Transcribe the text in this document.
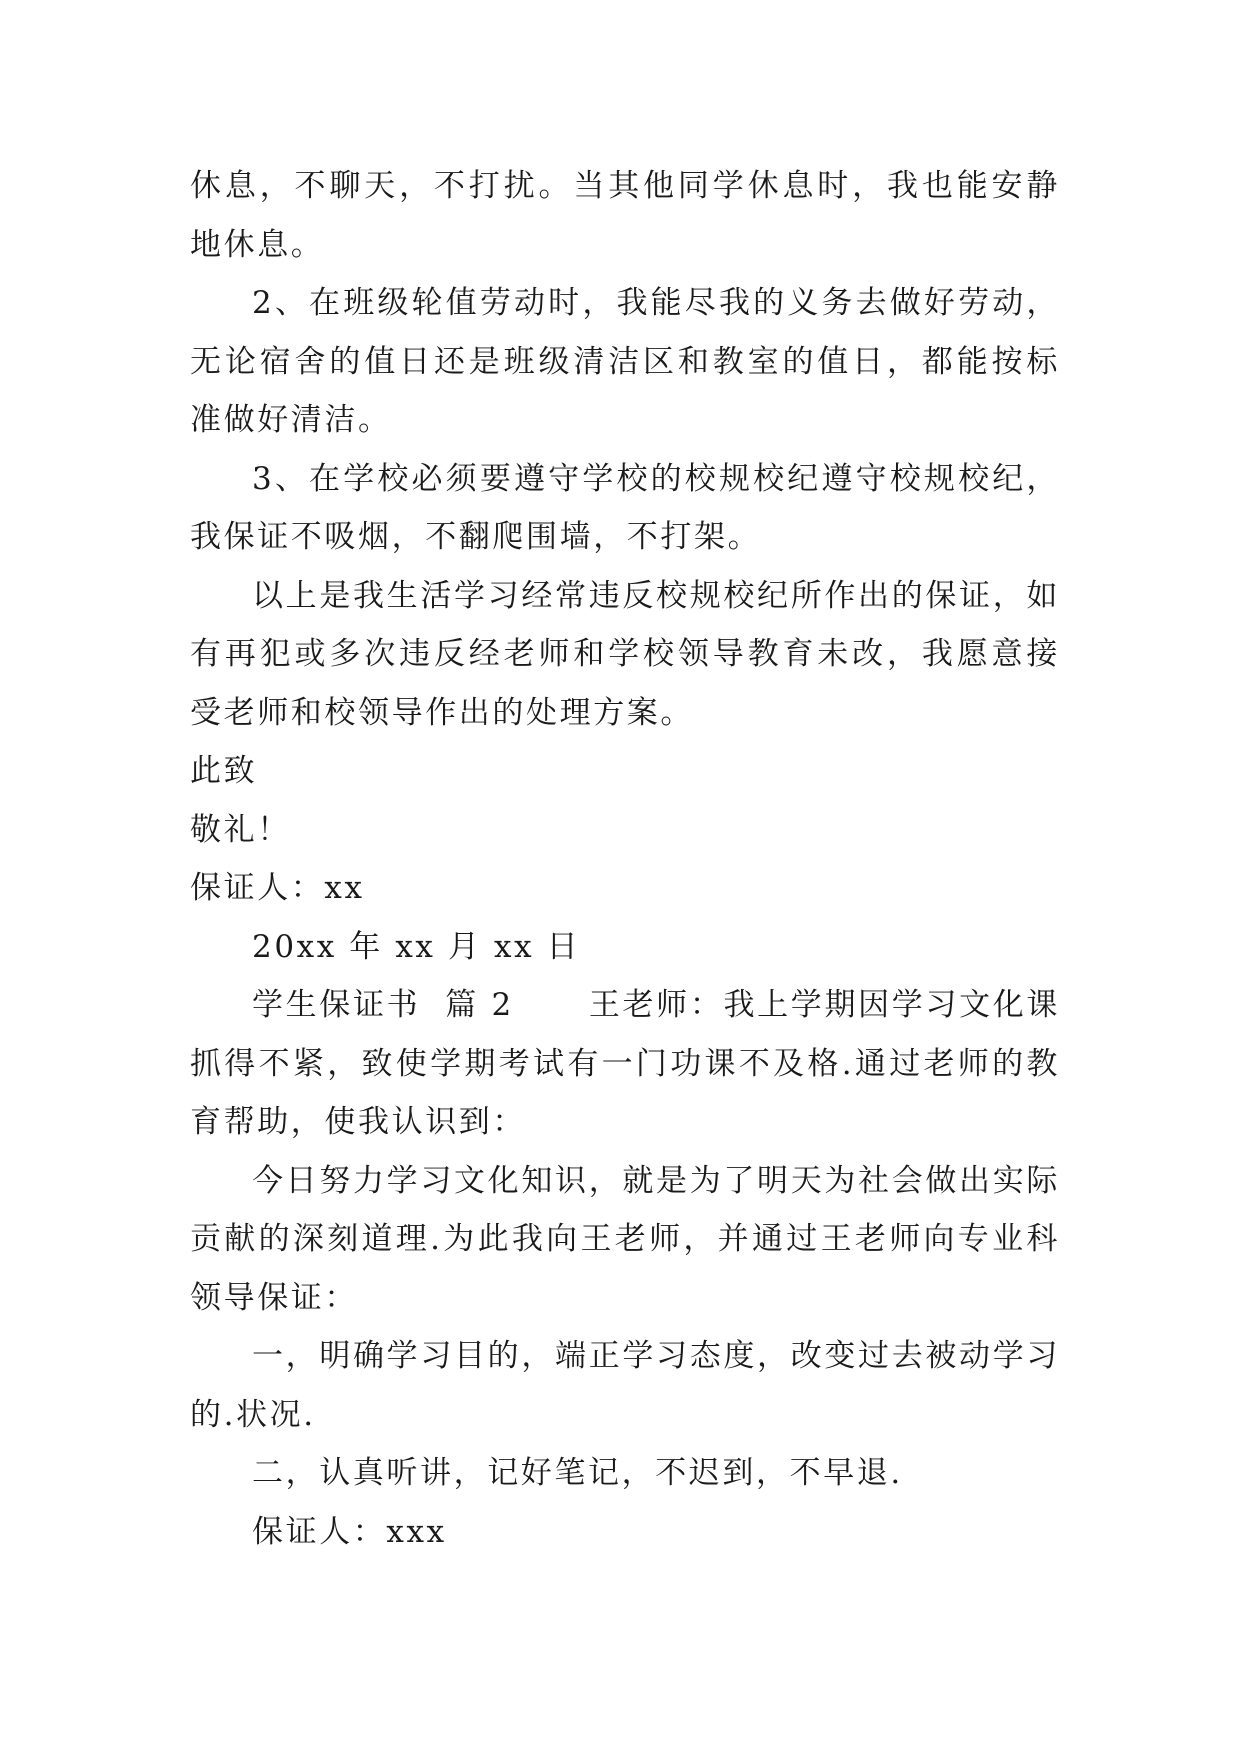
休息，不聊天，不打扰。当其他同学休息时，我也能安静地休息。

2、在班级轮值劳动时，我能尽我的义务去做好劳动，无论宿舍的值日还是班级清洁区和教室的值日，都能按标准做好清洁。

3、在学校必须要遵守学校的校规校纪遵守校规校纪，我保证不吸烟，不翻爬围墙，不打架。

以上是我生活学习经常违反校规校纪所作出的保证，如有再犯或多次违反经老师和学校领导教育未改，我愿意接受老师和校领导作出的处理方案。

此致

敬礼！

保证人：xx

20xx 年 xx 月 xx 日

学生保证书  篇 2      王老师：我上学期因学习文化课抓得不紧，致使学期考试有一门功课不及格.通过老师的教育帮助，使我认识到：

今日努力学习文化知识，就是为了明天为社会做出实际贡献的深刻道理.为此我向王老师，并通过王老师向专业科领导保证：

一，明确学习目的，端正学习态度，改变过去被动学习的.状况.

二，认真听讲，记好笔记，不迟到，不早退.

保证人：xxx
